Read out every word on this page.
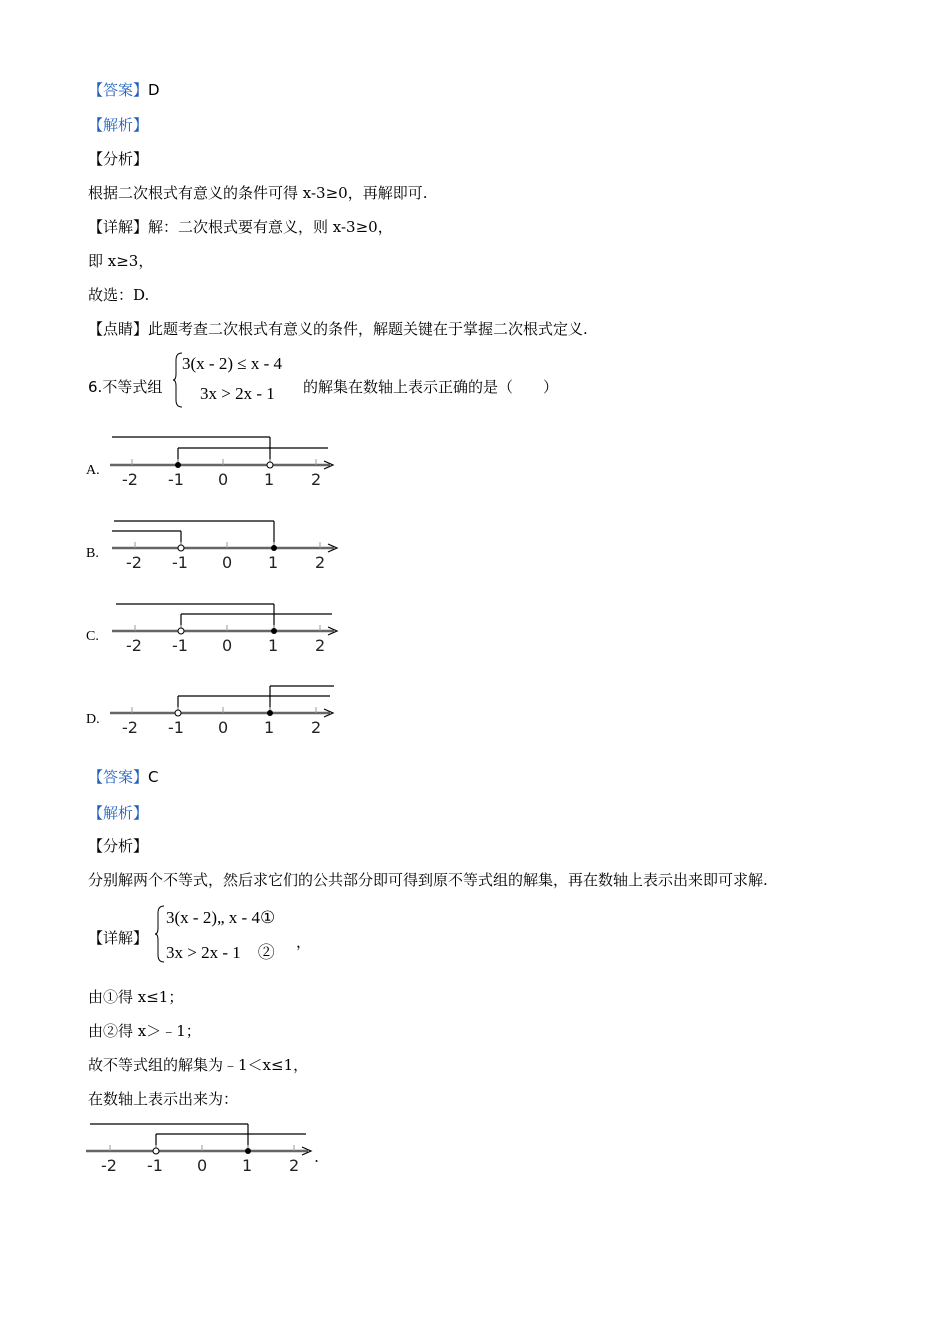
【答案】D
【解析】
【分析】
根据二次根式有意义的条件可得 x-3≥0，再解即可.
【详解】解：二次根式要有意义，则 x-3≥0，
即 x≥3，
故选：D.
【点睛】此题考查二次根式有意义的条件，解题关键在于掌握二次根式定义.
6.不等式组
3(x - 2) ≤ x - 4
3x > 2x - 1 的解集在数轴上表示正确的是（　　）
A.
B.
C.
D.
-2 -1 0 1 2
-2 -1 0 1 2
-2 -1 0 1 2
-2 -1 0 1 2
【答案】C
【解析】
【分析】
分别解两个不等式，然后求它们的公共部分即可得到原不等式组的解集，再在数轴上表示出来即可求解.
【详解】
3(x - 2)„ x - 4①
3x > 2x - 1　②
，
由①得 x≤1；
由②得 x＞﹣1；
故不等式组的解集为﹣1＜x≤1，
在数轴上表示出来为：
-2 -1 0 1 2 .
